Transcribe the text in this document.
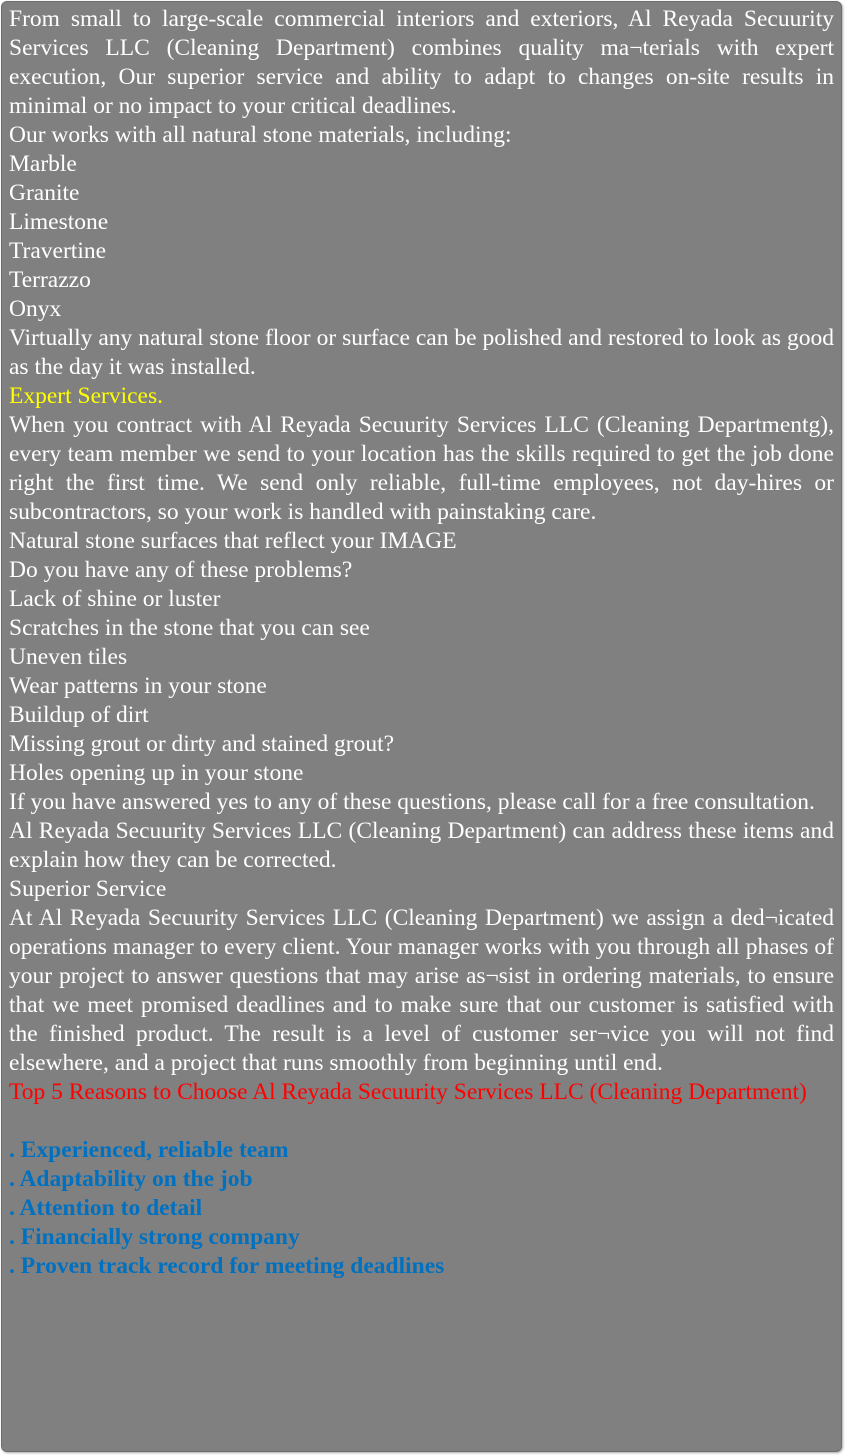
From small to large-scale commercial interiors and exteriors, Al Reyada Secuurity Services LLC (Cleaning Department) combines quality ma¬terials with expert execution, Our superior service and ability to adapt to changes on-site results in minimal or no impact to your critical deadlines.

Our works with all natural stone materials, including:

Marble

Granite

Limestone

Travertine

Terrazzo

Onyx

Virtually any natural stone floor or surface can be polished and restored to look as good as the day it was installed.

Expert Services.

When you contract with Al Reyada Secuurity Services LLC (Cleaning Departmentg), every team member we send to your location has the skills required to get the job done right the first time. We send only reliable, full-time employees, not day-hires or subcontractors, so your work is handled with painstaking care.

Natural stone surfaces that reflect your IMAGE

Do you have any of these problems?

Lack of shine or luster

Scratches in the stone that you can see

Uneven tiles

Wear patterns in your stone

Buildup of dirt

Missing grout or dirty and stained grout?

Holes opening up in your stone

If you have answered yes to any of these questions, please call for a free consultation.

Al Reyada Secuurity Services LLC (Cleaning Department) can address these items and explain how they can be corrected.

Superior Service

At Al Reyada Secuurity Services LLC (Cleaning Department) we assign a ded¬icated operations manager to every client. Your manager works with you through all phases of your project to answer questions that may arise as¬sist in ordering materials, to ensure that we meet promised deadlines and to make sure that our customer is satisfied with the finished product. The result is a level of customer ser¬vice you will not find elsewhere, and a project that runs smoothly from beginning until end.

Top 5 Reasons to Choose Al Reyada Secuurity Services LLC (Cleaning Department)

. Experienced, reliable team

. Adaptability on the job

. Attention to detail

. Financially strong company

. Proven track record for meeting deadlines
